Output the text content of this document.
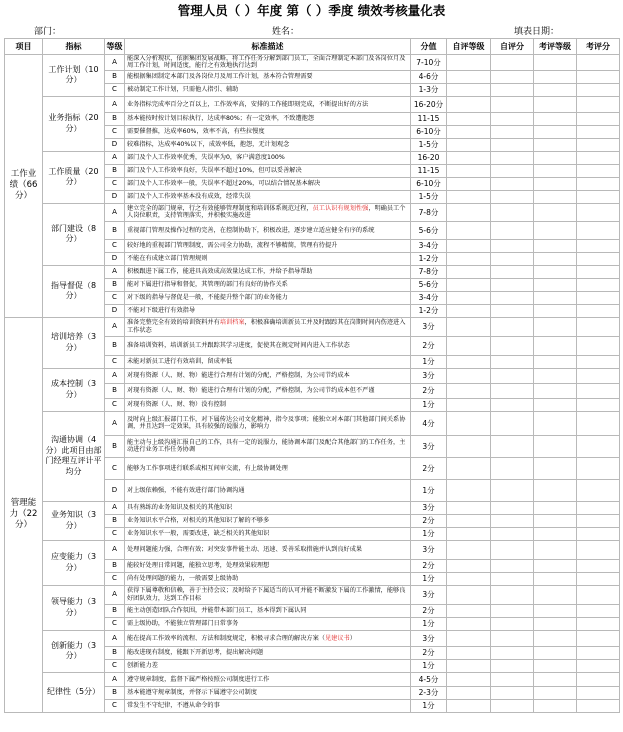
管理人员（ ）年度 第（ ）季度 绩效考核量化表
部门：	姓名：	填表日期：
项目	指标	等级	标准描述	分值	自评等级	自评分	考评等级	考评分
工作业绩（66分）	工作计划（10分）	A	能深入分析现状，依据集团发展战略，将工作任务分解到部门员工，全面合理制定本部门及各岗位月及周工作计划，时间适度，能行之有效地执行达到	7-10分				
		B	能根据集团制定本部门及各岗位月及周工作计划，基本符合管理需要	4-6分				
		C	被动制定工作计划，只需他人指引、辅助	1-3分				
	业务指标（20分）	A	业务指标完成率百分之百以上，工作效率高，安排的工作能即刻完成，不断提出好的方法	16-20分				
		B	基本能按时按计划目标执行，达成率80%；有一定效率，不致遭抱怨	11-15				
		C	需要催督推，达成率60%，效率不高，有些拉慢度	6-10分				
		D	较难指标，达成率40%以下，成效率低，抱怨，无计划观念	1-5分				
	工作质量（20分）	A	部门及个人工作效率优秀，失误率为0，客户满意度100%	16-20				
		B	部门及个人工作效率良好，失误率不超过10%，但可以妥善解决	11-15				
		C	部门及个人工作效率一般，失误率不超过20%，可以结合情况基本解决	6-10分				
		D	部门及个人工作效率基本没有成效，经常失误	1-5分				
	部门建设（8分）	A	建立完全的部门规章，行之有效能够管理制度和培训体系规范过程，员工认识有规划性强，明确员工个人岗位职责，支持管理落实，并积极实施改进	7-8分				
		B	重视部门管理及操作过程的完善，在控制协助下，积极改进，逐步建立适应健全有序的系统	5-6分				
		C	较好地的重视部门管理制度，需公司全力协助，流程不够精简，管理有待提升	3-4分				
		D	不能在有成建立部门管理规则	1-2分				
	指导督促（8分）	A	积极跟进下属工作，能进具高效成高效量达成工作，并给予指导帮助	7-8分				
		B	能对下属进行指导和督促，其管理的部门有良好的协作关系	5-6分				
		C	对下级的指导与督促是一般，不能提升整个部门的业务能力	3-4分				
		D	不能对下级进行有效指导	1-2分				
管理能力（22分）	培训培养（3分）	A	准备完整完全有效的培训资料并有培训档案，积极准确培训新员工并及时跟踪其在岗期时间内伤迹进入工作状态	3分				
		B	准备培训资料，培训新员工并跟踪其学习进度，促使其在规定时间内进入工作状态	2分				
		C	未能对新员工进行有效培训，留成率低	1分				
	成本控制（3分）	A	对现有资源（人、财、物）能进行合理有计划的分配，严格控制，为公司节约成本	3分				
		B	对现有资源（人、财、物）能进行合理有计划的分配，严格控制，为公司节约成本但不严谨	2分				
		C	对现有资源（人、财、物）没有控制	1分				
	沟通协调（4分）此项目由部门经理互评计平均分	A	及时向上级汇报部门工作，对下属传达公司文化精神，指令及事项；能独立对本部门其他部门间关系协调，并且达到一定效果，具有较强的说服力，影响力	4分				
		B	能主动与上级沟通汇报自己的工作，具有一定的说服力，能协调本部门及配合其他部门的工作任务，主动进行业务工作任务协调	3分				
		C	能够为工作事项进行联系或相互间审交流，有上级协调处理	2分				
		D	对上级依赖强，不能有效进行部门协调沟通	1分				
	业务知识（3分）	A	具有熟练的业务知识及相关的其他知识	3分				
		B	业务知识水平合格，对相关的其他知识了解的不够多	2分				
		C	业务知识水平一般，需要改进，缺乏相关的其他知识	1分				
	应变能力（3分）	A	处理问题能力强，合理有效；对突发事件能主动、迅速、妥善采取措施并认到良好成果	3分				
		B	能较好处理日常问题，能独立思考，处理效果较理想	2分				
		C	尚有处理问题的能力，一般需要上级协助	1分				
	领导能力（3分）	A	获得下属尊敬和信赖，善于主持会议；及时给予下属适当的认可并能不断激发下属的工作激情，能够良好团队效力，达到工作目标	3分				
		B	能主动创造团队合作氛围，并能带本部门员工，基本得到下属认同	2分				
		C	需上级协助，不能独立管理部门日常事务	1分				
	创新能力（3分）	A	能在提高工作效率的流程、方法和制度规定，积极寻求合理的解决方案（见建议书）	3分				
		B	能改进现有制度，能跟下开新思考，提出解决问题	2分				
		C	创新能力差	1分				
	纪律性（5分）	A	遵守规章制度，监督下属严格按照公司制度进行工作	4-5分				
		B	基本能遵守规章制度，并督示下属遵守公司制度	2-3分				
		C	常发生不守纪律，不遵从命令的事	1分				
